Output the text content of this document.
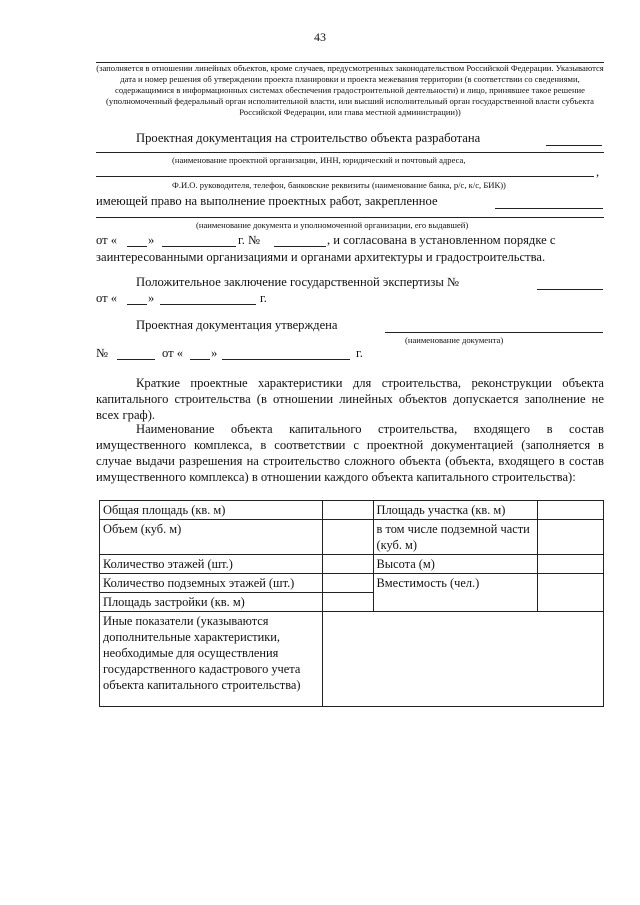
43
(заполняется в отношении линейных объектов, кроме случаев, предусмотренных законодательством Российской Федерации. Указываются дата и номер решения об утверждении проекта планировки и проекта межевания территории (в соответствии со сведениями, содержащимися в информационных системах обеспечения градостроительной деятельности) и лицо, принявшее такое решение (уполномоченный федеральный орган исполнительной власти, или высший исполнительный орган государственной власти субъекта Российской Федерации, или глава местной администрации))
Проектная документация на строительство объекта разработана
(наименование проектной организации, ИНН, юридический и почтовый адреса,
,
Ф.И.О. руководителя, телефон, банковские реквизиты (наименование банка, р/с, к/с, БИК))
имеющей право на выполнение проектных работ, закрепленное
(наименование документа и уполномоченной организации, его выдавшей)
от « »	г. №	, и согласована в установленном порядке с
заинтересованными организациями и органами архитектуры и градостроительства.
Положительное заключение государственной экспертизы №
от « »	г.
Проектная документация утверждена
(наименование документа)
№	от « »	г.
Краткие проектные характеристики для строительства, реконструкции объекта капитального строительства (в отношении линейных объектов допускается заполнение не всех граф).
Наименование объекта капитального строительства, входящего в состав имущественного комплекса, в соответствии с проектной документацией (заполняется в случае выдачи разрешения на строительство сложного объекта (объекта, входящего в состав имущественного комплекса) в отношении каждого объекта капитального строительства):
Общая площадь (кв. м)		Площадь участка (кв. м)	
Объем (куб. м)		в том числе подземной части (куб. м)	
Количество этажей (шт.)		Высота (м)	
Количество подземных этажей (шт.)		Вместимость (чел.)	
Площадь застройки (кв. м)			
Иные показатели (указываются дополнительные характеристики, необходимые для осуществления государственного кадастрового учета объекта капитального строительства)			
